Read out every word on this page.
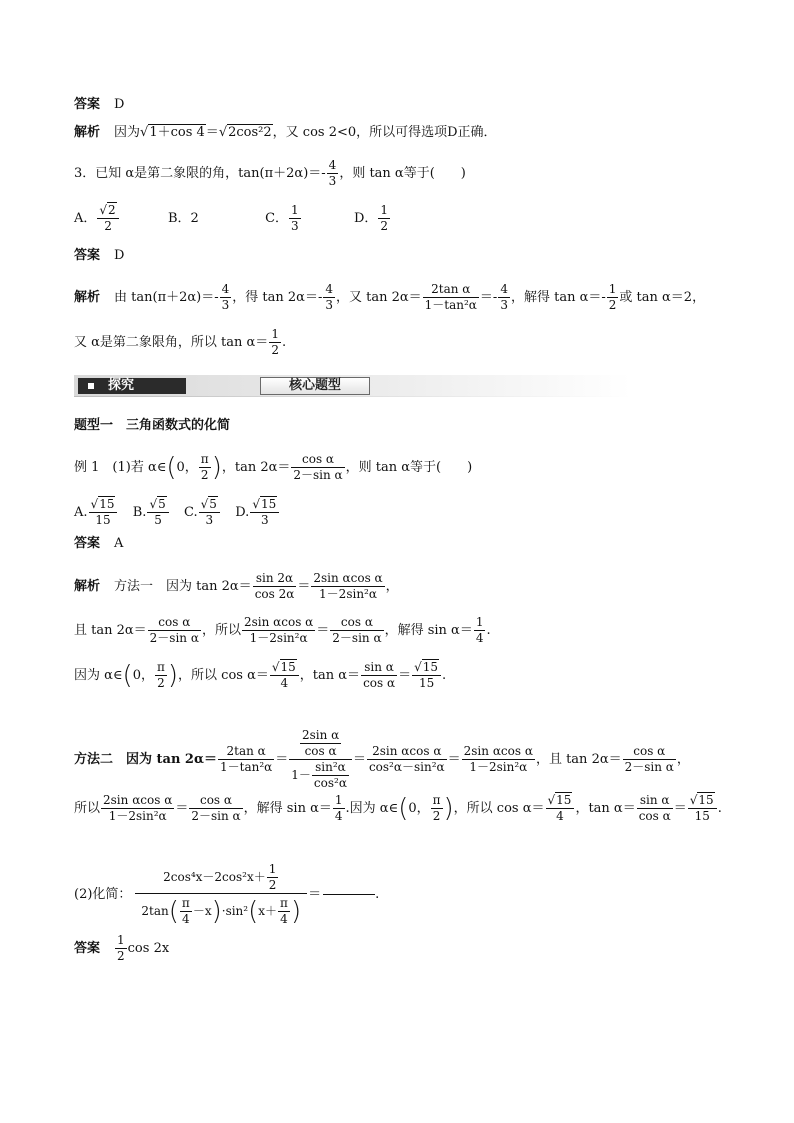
答案 D
解析 因为√1＋cos 4＝√2cos²2，又 cos 2<0，所以可得选项D正确．
3．已知 α是第二象限的角，$\tan(\pi+2\alpha)=- \frac{4}{3}$ ，则 tan α等于(　　)
A． $\frac{√2}{2}$	B．2	C． $\frac{1}{3}$	D． $\frac{1}{2}$
答案 D
解析 由 $\tan(\pi+2\alpha)=- \frac{4}{3}$ ，得 $\tan 2\alpha=- \frac{4}{3}$ ，又 $\tan 2\alpha= \frac{\text{2tan α}}{\text{1－tan²α}} =- \frac{4}{3}$ ，解得 $\tan \alpha=- \frac{1}{2}$ 或 tan α＝2，
又 α是第二象限角，所以 $\tan \alpha= \frac{1}{2}$ .
探究	核心题型
题型一　三角函数式的化简
例 1　(1)若 α∈(0， $\frac{\pi}{2}$ )，$\tan 2\alpha= \frac{\text{cos α}}{\text{2－sin α}}$ ，则 tan α等于(　　)
A. $\frac{√15}{15} B$. $\frac{√5}{5} C$. $\frac{√5}{3} D$. $\frac{√15}{3}$
答案 A
解析 方法一　因为 $\tan 2\alpha= \frac{\sin 2\alpha}{\cos 2\alpha} = \frac{\text{2sin αcos α}}{\text{1－2sin²α}}$ ，
且 $\tan 2\alpha= \frac{\text{cos α}}{\text{2－sin α}}$ ，所以 $\frac{\text{2sin αcos α}}{\text{1－2sin²α}} = \frac{\text{cos α}}{\text{2－sin α}}$ ，解得 $\sin \alpha= \frac{1}{4}$ .
因为 α∈(0， $\frac{\pi}{2}$ )，所以 $\cos \alpha= \frac{√15}{4}$ ，$\tan \alpha= \frac{\text{sin α}}{\text{cos α}} = \frac{√15}{15}$ .
方法二　因为 $\tan 2\alpha= \frac{\text{2tan α}}{\text{1－tan²α}} = \frac{\frac{\text{2sin α}}{\text{cos α}}}{1- \frac{\text{sin²α}}{\text{cos²α}}} = \frac{\text{2sin αcos α}}{\text{cos²α－sin²α}} = \frac{\text{2sin αcos α}}{\text{1－2sin²α}}$ ，且 $\tan 2\alpha= \frac{\text{cos α}}{\text{2－sin α}}$ ，
所以 $\frac{\text{2sin αcos α}}{\text{1－2sin²α}} = \frac{\text{cos α}}{\text{2－sin α}}$ ，解得 $\sin \alpha= \frac{1}{4}$ .因为 α∈(0， $\frac{\pi}{2}$ )，所以 $\cos \alpha= \frac{√15}{4}$ ，$\tan \alpha= \frac{\text{sin α}}{\text{cos α}} = \frac{√15}{15}$ .
(2)化简： $\frac{2\cos^4x-2\cos^2x+ \frac{1}{2}}{2\tan( \frac{\pi}{4} -x)\cdot\sin^2(x+ \frac{\pi}{4} )}$ ＝	.
答案 $\frac{1}{2}$ cos 2x
